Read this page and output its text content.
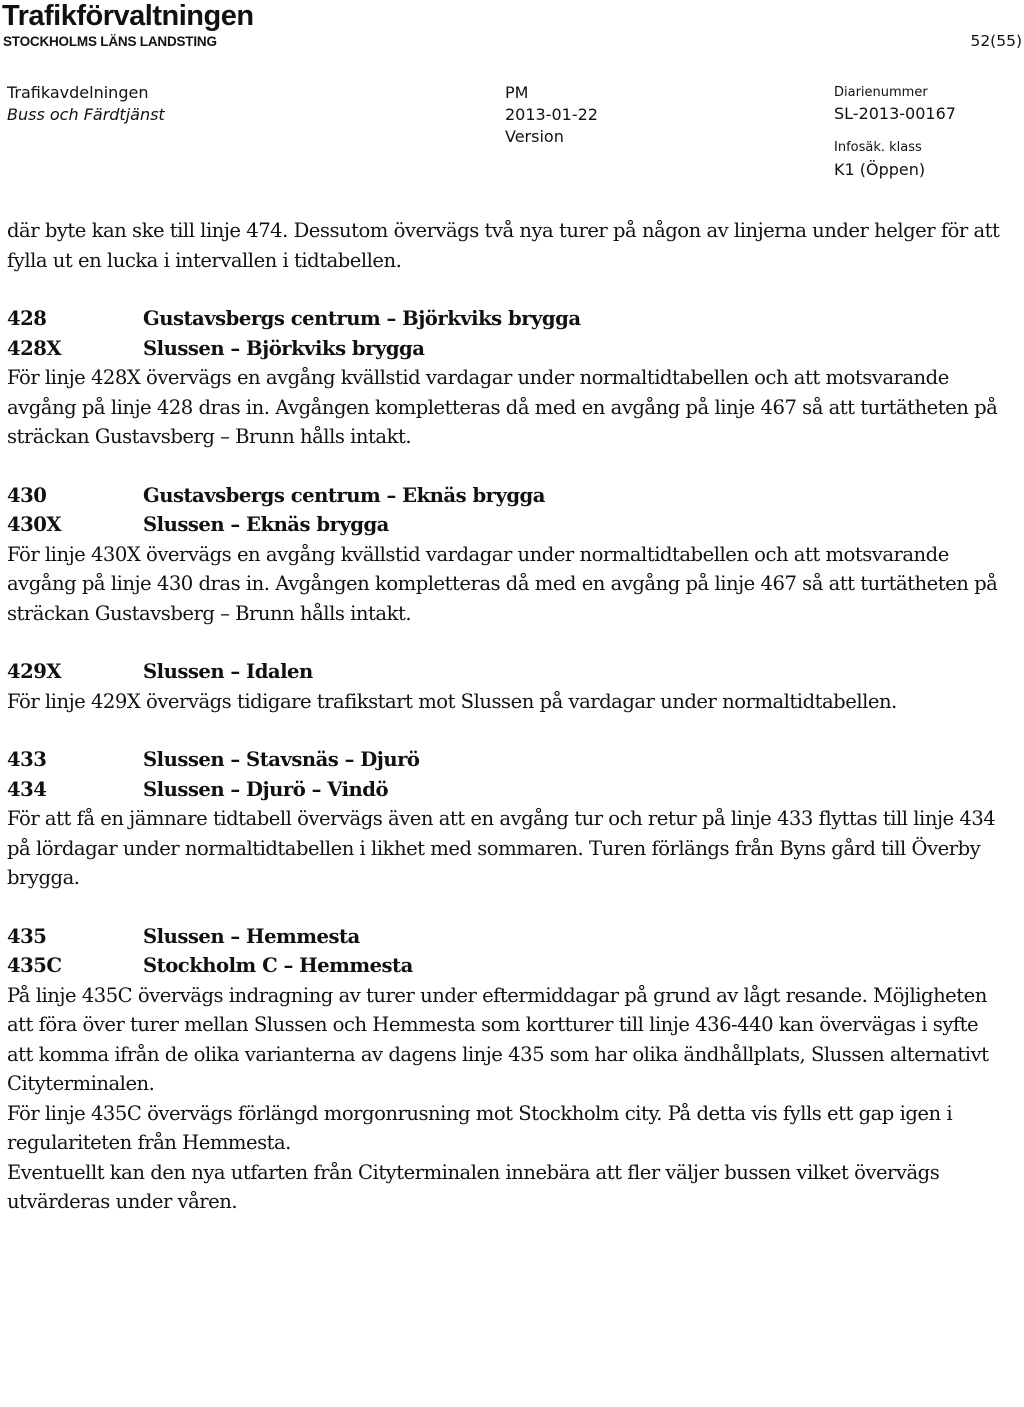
Trafikförvaltningen
STOCKHOLMS LÄNS LANDSTING	52(55)
Trafikavdelningen
Buss och Färdtjänst
PM
2013-01-22
Version
Diarienummer
SL-2013-00167
Infosäk. klass
K1 (Öppen)

där byte kan ske till linje 474. Dessutom övervägs två nya turer på någon av linjerna under helger för att fylla ut en lucka i intervallen i tidtabellen.

428	Gustavsbergs centrum – Björkviks brygga
428X	Slussen – Björkviks brygga

För linje 428X övervägs en avgång kvällstid vardagar under normaltidtabellen och att motsvarande avgång på linje 428 dras in. Avgången kompletteras då med en avgång på linje 467 så att turtätheten på sträckan Gustavsberg – Brunn hålls intakt.

430	Gustavsbergs centrum – Eknäs brygga
430X	Slussen – Eknäs brygga

För linje 430X övervägs en avgång kvällstid vardagar under normaltidtabellen och att motsvarande avgång på linje 430 dras in. Avgången kompletteras då med en avgång på linje 467 så att turtätheten på sträckan Gustavsberg – Brunn hålls intakt.

429X	Slussen – Idalen

För linje 429X övervägs tidigare trafikstart mot Slussen på vardagar under normaltidtabellen.

433	Slussen – Stavsnäs – Djurö
434	Slussen – Djurö – Vindö

För att få en jämnare tidtabell övervägs även att en avgång tur och retur på linje 433 flyttas till linje 434 på lördagar under normaltidtabellen i likhet med sommaren. Turen förlängs från Byns gård till Överby brygga.

435	Slussen – Hemmesta
435C	Stockholm C – Hemmesta

På linje 435C övervägs indragning av turer under eftermiddagar på grund av lågt resande. Möjligheten att föra över turer mellan Slussen och Hemmesta som kortturer till linje 436-440 kan övervägas i syfte att komma ifrån de olika varianterna av dagens linje 435 som har olika ändhållplats, Slussen alternativt Cityterminalen.

För linje 435C övervägs förlängd morgonrusning mot Stockholm city. På detta vis fylls ett gap igen i regulariteten från Hemmesta.

Eventuellt kan den nya utfarten från Cityterminalen innebära att fler väljer bussen vilket övervägs utvärderas under våren.
